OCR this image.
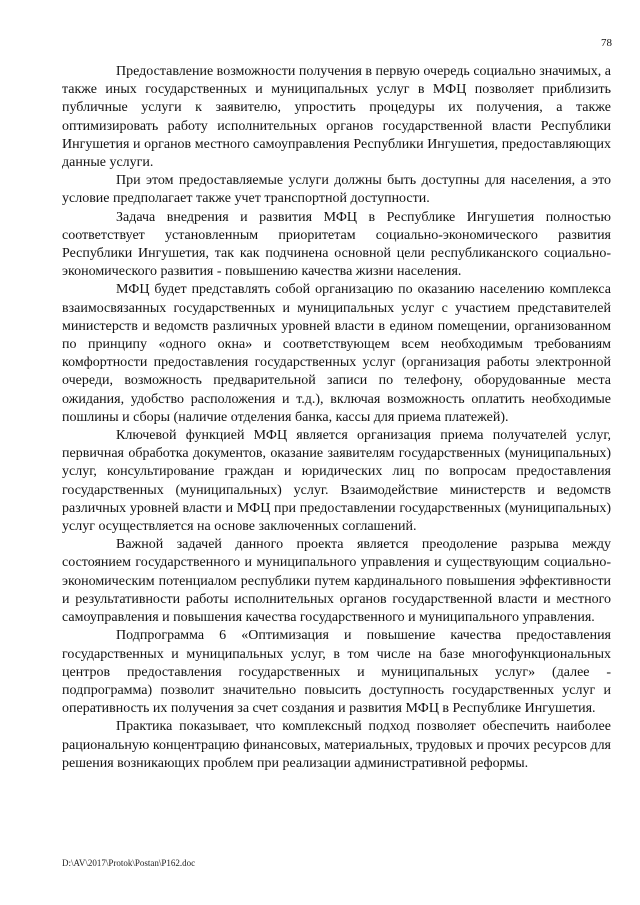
78

Предоставление возможности получения в первую очередь социально значимых, а также иных государственных и муниципальных услуг в МФЦ позволяет приблизить публичные услуги к заявителю, упростить процедуры их получения, а также оптимизировать работу исполнительных органов государственной власти Республики Ингушетия и органов местного самоуправления Республики Ингушетия, предоставляющих данные услуги.

При этом предоставляемые услуги должны быть доступны для населения, а это условие предполагает также учет транспортной доступности.

Задача внедрения и развития МФЦ в Республике Ингушетия полностью соответствует установленным приоритетам социально-экономического развития Республики Ингушетия, так как подчинена основной цели республиканского социально-экономического развития - повышению качества жизни населения.

МФЦ будет представлять собой организацию по оказанию населению комплекса взаимосвязанных государственных и муниципальных услуг с участием представителей министерств и ведомств различных уровней власти в едином помещении, организованном по принципу «одного окна» и соответствующем всем необходимым требованиям комфортности предоставления государственных услуг (организация работы электронной очереди, возможность предварительной записи по телефону, оборудованные места ожидания, удобство расположения и т.д.), включая возможность оплатить необходимые пошлины и сборы (наличие отделения банка, кассы для приема платежей).

Ключевой функцией МФЦ является организация приема получателей услуг, первичная обработка документов, оказание заявителям государственных (муниципальных) услуг, консультирование граждан и юридических лиц по вопросам предоставления государственных (муниципальных) услуг. Взаимодействие министерств и ведомств различных уровней власти и МФЦ при предоставлении государственных (муниципальных) услуг осуществляется на основе заключенных соглашений.

Важной задачей данного проекта является преодоление разрыва между состоянием государственного и муниципального управления и существующим социально-экономическим потенциалом республики путем кардинального повышения эффективности и результативности работы исполнительных органов государственной власти и местного самоуправления и повышения качества государственного и муниципального управления.

Подпрограмма 6 «Оптимизация и повышение качества предоставления государственных и муниципальных услуг, в том числе на базе многофункциональных центров предоставления государственных и муниципальных услуг» (далее - подпрограмма) позволит значительно повысить доступность государственных услуг и оперативность их получения за счет создания и развития МФЦ в Республике Ингушетия.

Практика показывает, что комплексный подход позволяет обеспечить наиболее рациональную концентрацию финансовых, материальных, трудовых и прочих ресурсов для решения возникающих проблем при реализации административной реформы.

D:\AV\2017\Protok\Postan\P162.doc
